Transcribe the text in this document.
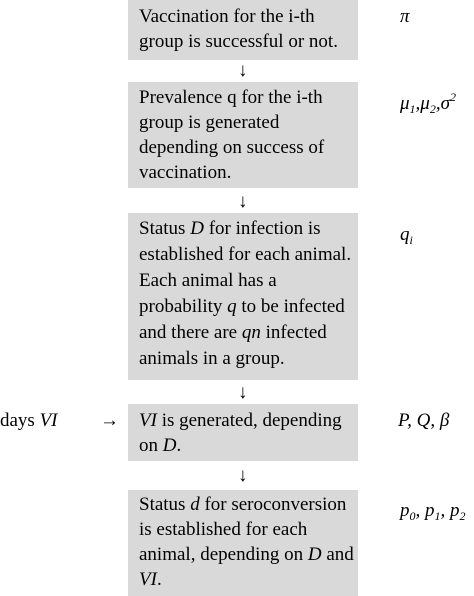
Vaccination for the i-th

group is successful or not.

π
↓

Prevalence q for the i-th

group is generated

depending on success of

vaccination.

$\mu_1,\mu_2,\sigma^2$
↓

Status D for infection is

established for each animal.

Each animal has a

probability q to be infected

and there are qn infected

animals in a group.

$q_i$
↓
days VI → VI is generated, depending

on D.

P, Q, β
↓

Status d for seroconversion

is established for each

animal, depending on D and

VI.

$p_0$, $p_1$, $p_2$
